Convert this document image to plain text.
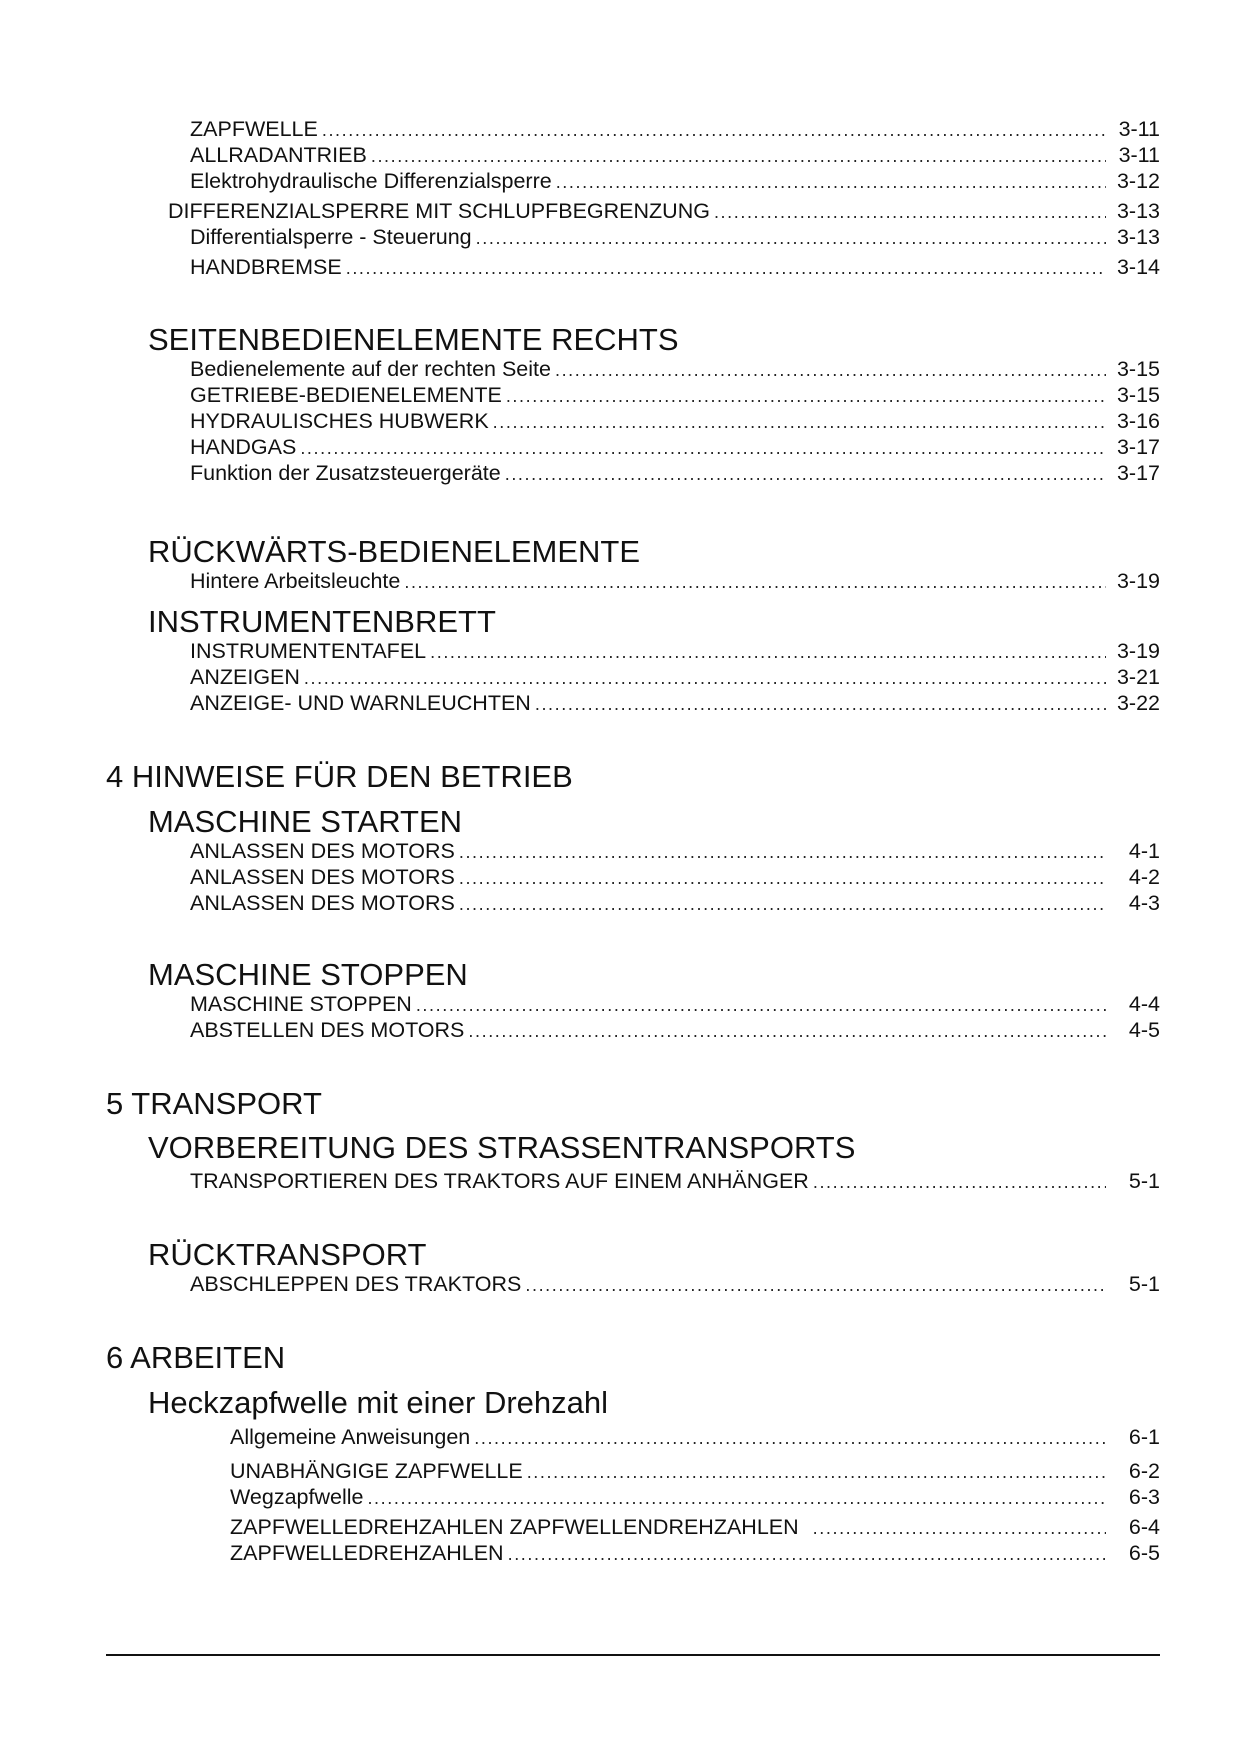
ZAPFWELLE .....	3-11
ALLRADANTRIEB .....	3-11
Elektrohydraulische Differenzialsperre .....	3-12
DIFFERENZIALSPERRE MIT SCHLUPFBEGRENZUNG .....	3-13
Differentialsperre - Steuerung .....	3-13
HANDBREMSE .....	3-14
SEITENBEDIENELEMENTE RECHTS
Bedienelemente auf der rechten Seite .....	3-15
GETRIEBE-BEDIENELEMENTE .....	3-15
HYDRAULISCHES HUBWERK .....	3-16
HANDGAS .....	3-17
Funktion der Zusatzsteuergeräte .....	3-17
RÜCKWÄRTS-BEDIENELEMENTE
Hintere Arbeitsleuchte .....	3-19
INSTRUMENTENBRETT
INSTRUMENTENTAFEL .....	3-19
ANZEIGEN .....	3-21
ANZEIGE- UND WARNLEUCHTEN .....	3-22
4 HINWEISE FÜR DEN BETRIEB
MASCHINE STARTEN
ANLASSEN DES MOTORS .....	4-1
ANLASSEN DES MOTORS .....	4-2
ANLASSEN DES MOTORS .....	4-3
MASCHINE STOPPEN
MASCHINE STOPPEN .....	4-4
ABSTELLEN DES MOTORS .....	4-5
5 TRANSPORT
VORBEREITUNG DES STRASSENTRANSPORTS
TRANSPORTIEREN DES TRAKTORS AUF EINEM ANHÄNGER .....	5-1
RÜCKTRANSPORT
ABSCHLEPPEN DES TRAKTORS .....	5-1
6 ARBEITEN
Heckzapfwelle mit einer Drehzahl
Allgemeine Anweisungen .....	6-1
UNABHÄNGIGE ZAPFWELLE .....	6-2
Wegzapfwelle .....	6-3
ZAPFWELLEDREHZAHLEN ZAPFWELLENDREHZAHLEN .....	6-4
ZAPFWELLEDREHZAHLEN .....	6-5
